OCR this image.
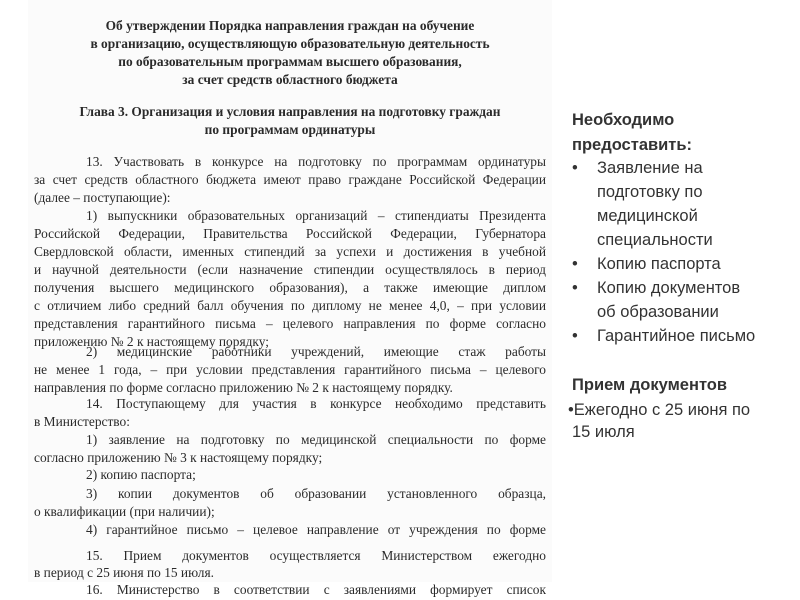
Об утверждении Порядка направления граждан на обучение
в организацию, осуществляющую образовательную деятельность
по образовательным программам высшего образования,
за счет средств областного бюджета
Глава 3. Организация и условия направления на подготовку граждан
по программам ординатуры
13. Участвовать в конкурсе на подготовку по программам ординатуры
за счет средств областного бюджета имеют право граждане Российской Федерации
(далее – поступающие):
1) выпускники образовательных организаций – стипендиаты Президента
Российской Федерации, Правительства Российской Федерации, Губернатора
Свердловской области, именных стипендий за успехи и достижения в учебной
и научной деятельности (если назначение стипендии осуществлялось в период
получения высшего медицинского образования), а также имеющие диплом
с отличием либо средний балл обучения по диплому не менее 4,0, – при условии
представления гарантийного письма – целевого направления по форме согласно
приложению № 2 к настоящему порядку;
2) медицинские работники учреждений, имеющие стаж работы
не менее 1 года, – при условии представления гарантийного письма – целевого
направления по форме согласно приложению № 2 к настоящему порядку.
14. Поступающему для участия в конкурсе необходимо представить
в Министерство:
1) заявление на подготовку по медицинской специальности по форме
согласно приложению № 3 к настоящему порядку;
2) копию паспорта;
3) копии документов об образовании установленного образца,
о квалификации (при наличии);
4) гарантийное письмо – целевое направление от учреждения по форме
15. Прием документов осуществляется Министерством ежегодно
в период с 25 июня по 15 июля.
16. Министерство в соответствии с заявлениями формирует список
Необходимо
предоставить:
• Заявление на
подготовку по
медицинской
специальности
• Копию паспорта
• Копию документов
об образовании
• Гарантийное письмо
Прием документов
•Ежегодно с 25 июня по
15 июля
